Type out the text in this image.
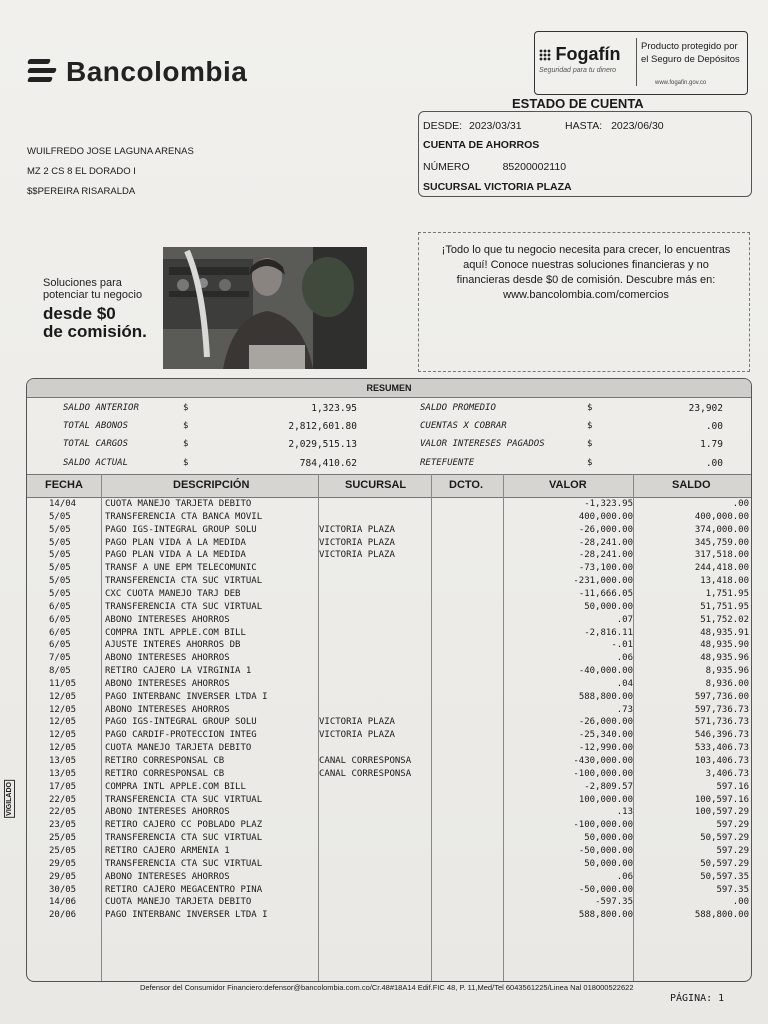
Bancolombia
Fogafín
Seguridad para tu dinero
Producto protegido por el Seguro de Depósitos
www.fogafin.gov.co
ESTADO DE CUENTA
DESDE: 2023/03/31	HASTA: 2023/06/30
CUENTA DE AHORROS
NÚMERO	85200002110
SUCURSAL VICTORIA PLAZA
WUILFREDO JOSE LAGUNA ARENAS
MZ 2 CS 8 EL DORADO I
$$PEREIRA RISARALDA
Soluciones para
potenciar tu negocio
desde $0
de comisión.
¡Todo lo que tu negocio necesita para crecer, lo encuentras aquí! Conoce nuestras soluciones financieras y no financieras desde $0 de comisión. Descubre más en: www.bancolombia.com/comercios
RESUMEN
SALDO ANTERIOR	$	1,323.95
TOTAL ABONOS	$	2,812,601.80
TOTAL CARGOS	$	2,029,515.13
SALDO ACTUAL	$	784,410.62
SALDO PROMEDIO	$	23,902
CUENTAS X COBRAR	$	.00
VALOR INTERESES PAGADOS	$	1.79
RETEFUENTE	$	.00
FECHA	DESCRIPCIÓN	SUCURSAL	DCTO.	VALOR	SALDO
14/04	CUOTA MANEJO TARJETA DEBITO	-1,323.95	.00
5/05	TRANSFERENCIA CTA BANCA MOVIL	400,000.00	400,000.00
5/05	PAGO IGS-INTEGRAL GROUP SOLU	VICTORIA PLAZA	-26,000.00	374,000.00
5/05	PAGO PLAN VIDA A LA MEDIDA	VICTORIA PLAZA	-28,241.00	345,759.00
5/05	PAGO PLAN VIDA A LA MEDIDA	VICTORIA PLAZA	-28,241.00	317,518.00
5/05	TRANSF A UNE EPM TELECOMUNIC	-73,100.00	244,418.00
5/05	TRANSFERENCIA CTA SUC VIRTUAL	-231,000.00	13,418.00
5/05	CXC CUOTA MANEJO TARJ DEB	-11,666.05	1,751.95
6/05	TRANSFERENCIA CTA SUC VIRTUAL	50,000.00	51,751.95
6/05	ABONO INTERESES AHORROS	.07	51,752.02
6/05	COMPRA INTL APPLE.COM BILL	-2,816.11	48,935.91
6/05	AJUSTE INTERES AHORROS DB	-.01	48,935.90
7/05	ABONO INTERESES AHORROS	.06	48,935.96
8/05	RETIRO CAJERO LA VIRGINIA 1	-40,000.00	8,935.96
11/05	ABONO INTERESES AHORROS	.04	8,936.00
12/05	PAGO INTERBANC INVERSER LTDA I	588,800.00	597,736.00
12/05	ABONO INTERESES AHORROS	.73	597,736.73
12/05	PAGO IGS-INTEGRAL GROUP SOLU	VICTORIA PLAZA	-26,000.00	571,736.73
12/05	PAGO CARDIF-PROTECCION INTEG	VICTORIA PLAZA	-25,340.00	546,396.73
12/05	CUOTA MANEJO TARJETA DEBITO	-12,990.00	533,406.73
13/05	RETIRO CORRESPONSAL CB	CANAL CORRESPONSA	-430,000.00	103,406.73
13/05	RETIRO CORRESPONSAL CB	CANAL CORRESPONSA	-100,000.00	3,406.73
17/05	COMPRA INTL APPLE.COM BILL	-2,809.57	597.16
22/05	TRANSFERENCIA CTA SUC VIRTUAL	100,000.00	100,597.16
22/05	ABONO INTERESES AHORROS	.13	100,597.29
23/05	RETIRO CAJERO CC POBLADO PLAZ	-100,000.00	597.29
25/05	TRANSFERENCIA CTA SUC VIRTUAL	50,000.00	50,597.29
25/05	RETIRO CAJERO ARMENIA 1	-50,000.00	597.29
29/05	TRANSFERENCIA CTA SUC VIRTUAL	50,000.00	50,597.29
29/05	ABONO INTERESES AHORROS	.06	50,597.35
30/05	RETIRO CAJERO MEGACENTRO PINA	-50,000.00	597.35
14/06	CUOTA MANEJO TARJETA DEBITO	-597.35	.00
20/06	PAGO INTERBANC INVERSER LTDA I	588,800.00	588,800.00
Defensor del Consumidor Financiero:defensor@bancolombia.com.co/Cr.48#18A14 Edif.FIC 48, P. 11,Med/Tel 6043561225/Linea Nal 018000522622
PÁGINA: 1
VIGILADO
